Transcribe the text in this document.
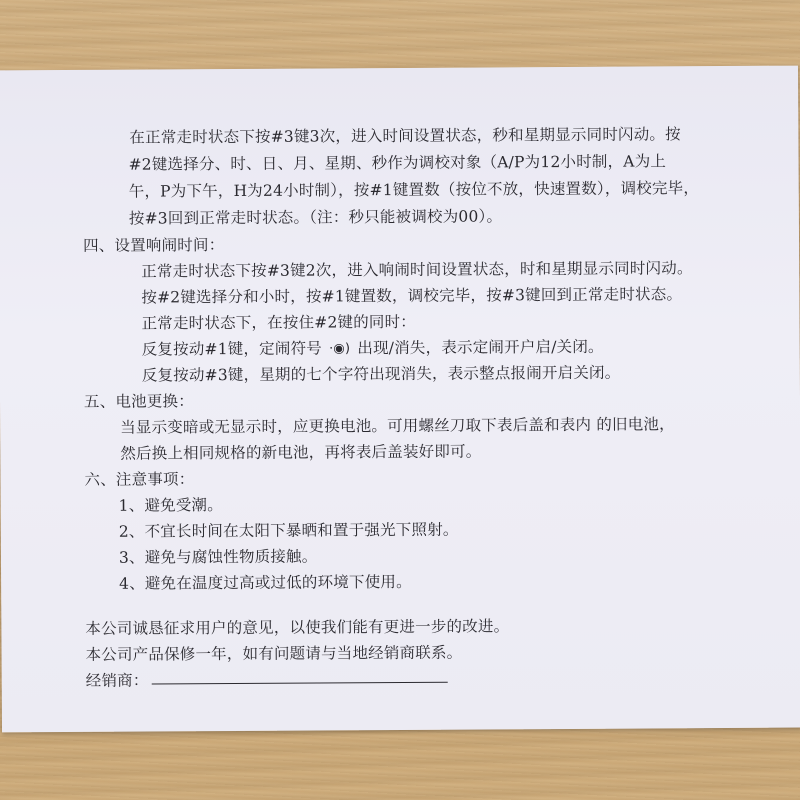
在正常走时状态下按#3键3次，进入时间设置状态，秒和星期显示同时闪动。按
#2键选择分、时、日、月、星期、秒作为调校对象（A/P为12小时制，A为上
午，P为下午，H为24小时制），按#1键置数（按位不放，快速置数），调校完毕，
按#3回到正常走时状态。（注：秒只能被调校为00）。
四、设置响闹时间：
正常走时状态下按#3键2次，进入响闹时间设置状态，时和星期显示同时闪动。
按#2键选择分和小时，按#1键置数，调校完毕，按#3键回到正常走时状态。
正常走时状态下，在按住#2键的同时：
反复按动#1键，定闹符号 ·◉) 出现/消失，表示定闹开户启/关闭。
反复按动#3键，星期的七个字符出现消失，表示整点报闹开启关闭。
五、电池更换：
当显示变暗或无显示时，应更换电池。可用螺丝刀取下表后盖和表内 的旧电池，
然后换上相同规格的新电池，再将表后盖装好即可。
六、注意事项：
1、避免受潮。
2、不宜长时间在太阳下暴晒和置于强光下照射。
3、避免与腐蚀性物质接触。
4、避免在温度过高或过低的环境下使用。
本公司诚恳征求用户的意见，以使我们能有更进一步的改进。
本公司产品保修一年，如有问题请与当地经销商联系。
经销商：
